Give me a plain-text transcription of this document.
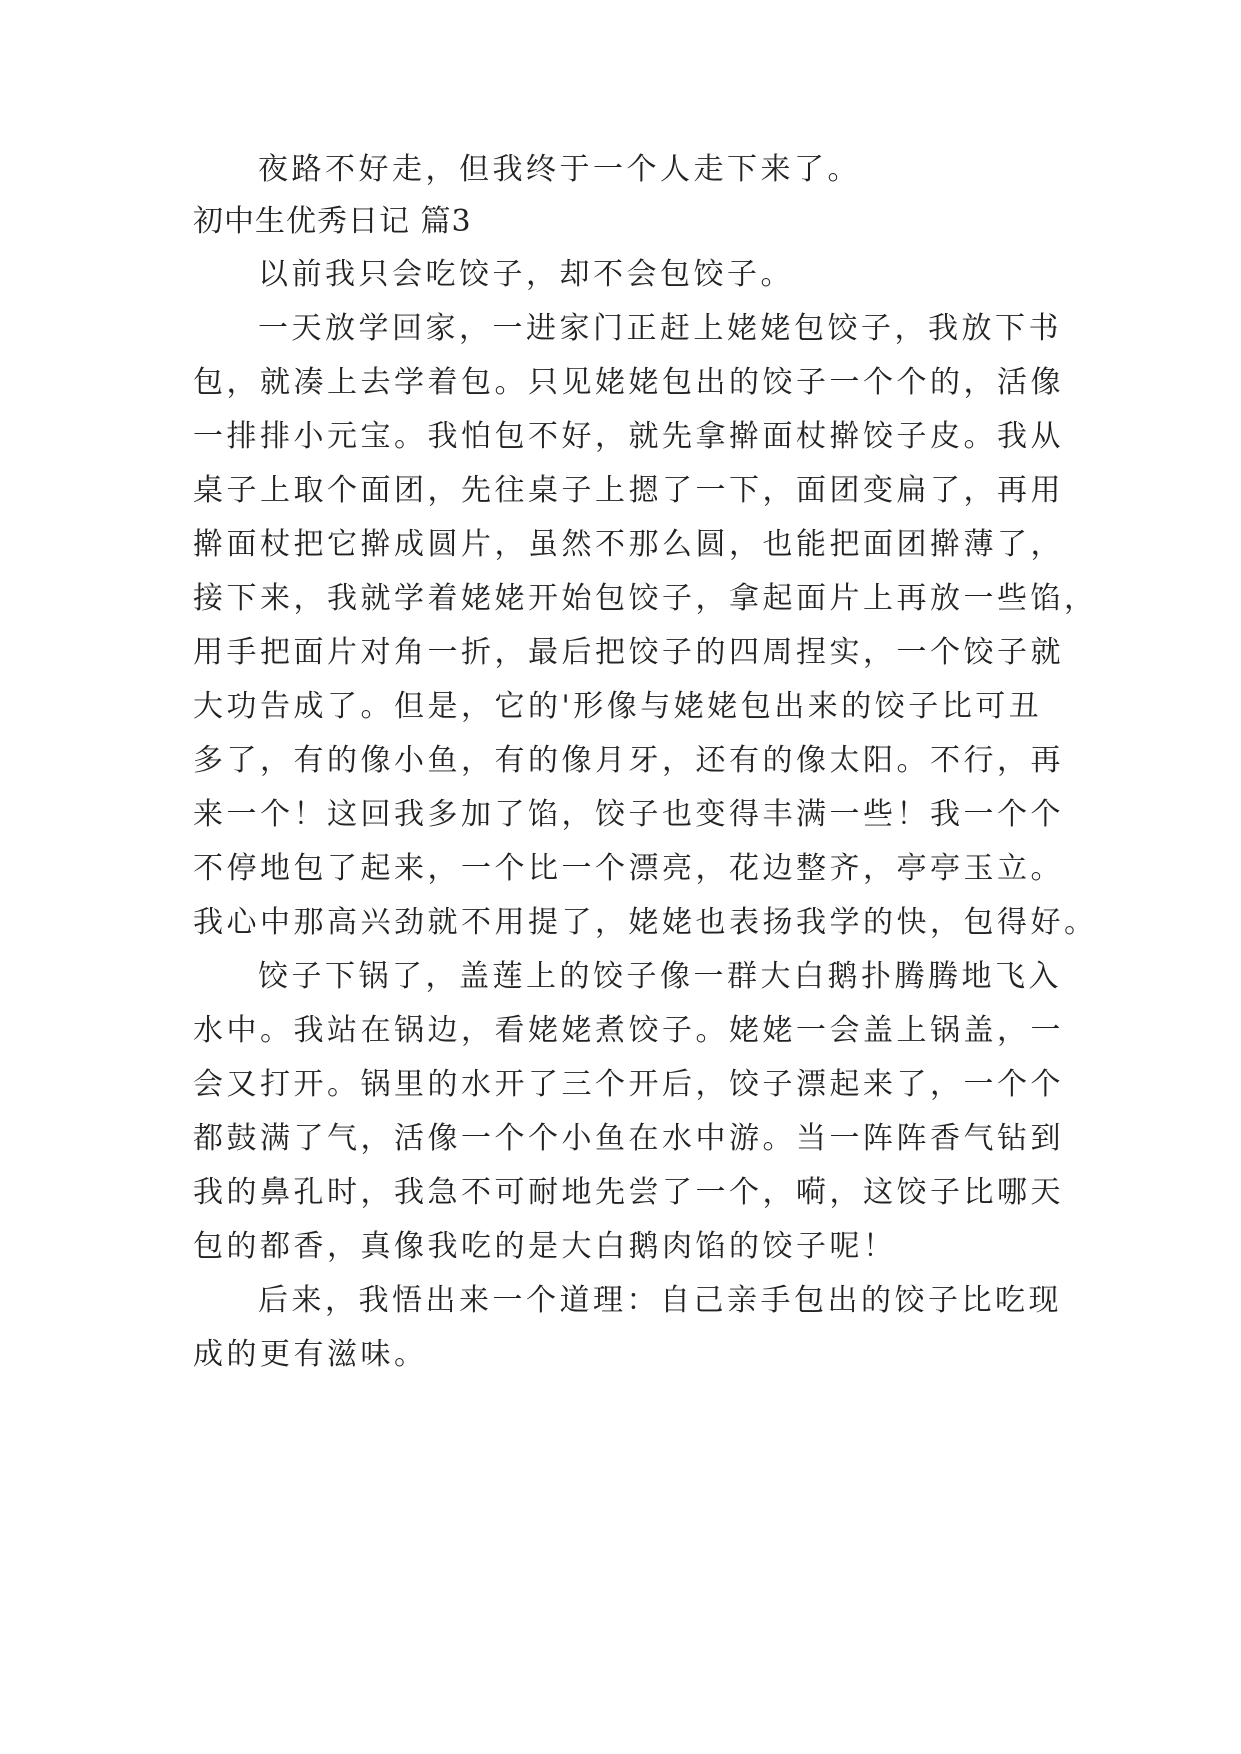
夜路不好走，但我终于一个人走下来了。
初中生优秀日记 篇3
以前我只会吃饺子，却不会包饺子。
一天放学回家，一进家门正赶上姥姥包饺子，我放下书
包，就凑上去学着包。只见姥姥包出的饺子一个个的，活像
一排排小元宝。我怕包不好，就先拿擀面杖擀饺子皮。我从
桌子上取个面团，先往桌子上摁了一下，面团变扁了，再用
擀面杖把它擀成圆片，虽然不那么圆，也能把面团擀薄了，
接下来，我就学着姥姥开始包饺子，拿起面片上再放一些馅，
用手把面片对角一折，最后把饺子的四周捏实，一个饺子就
大功告成了。但是，它的'形像与姥姥包出来的饺子比可丑
多了，有的像小鱼，有的像月牙，还有的像太阳。不行，再
来一个！这回我多加了馅，饺子也变得丰满一些！我一个个
不停地包了起来，一个比一个漂亮，花边整齐，亭亭玉立。
我心中那高兴劲就不用提了，姥姥也表扬我学的快，包得好。
饺子下锅了，盖莲上的饺子像一群大白鹅扑腾腾地飞入
水中。我站在锅边，看姥姥煮饺子。姥姥一会盖上锅盖，一
会又打开。锅里的水开了三个开后，饺子漂起来了，一个个
都鼓满了气，活像一个个小鱼在水中游。当一阵阵香气钻到
我的鼻孔时，我急不可耐地先尝了一个，嗬，这饺子比哪天
包的都香，真像我吃的是大白鹅肉馅的饺子呢！
后来，我悟出来一个道理：自己亲手包出的饺子比吃现
成的更有滋味。
